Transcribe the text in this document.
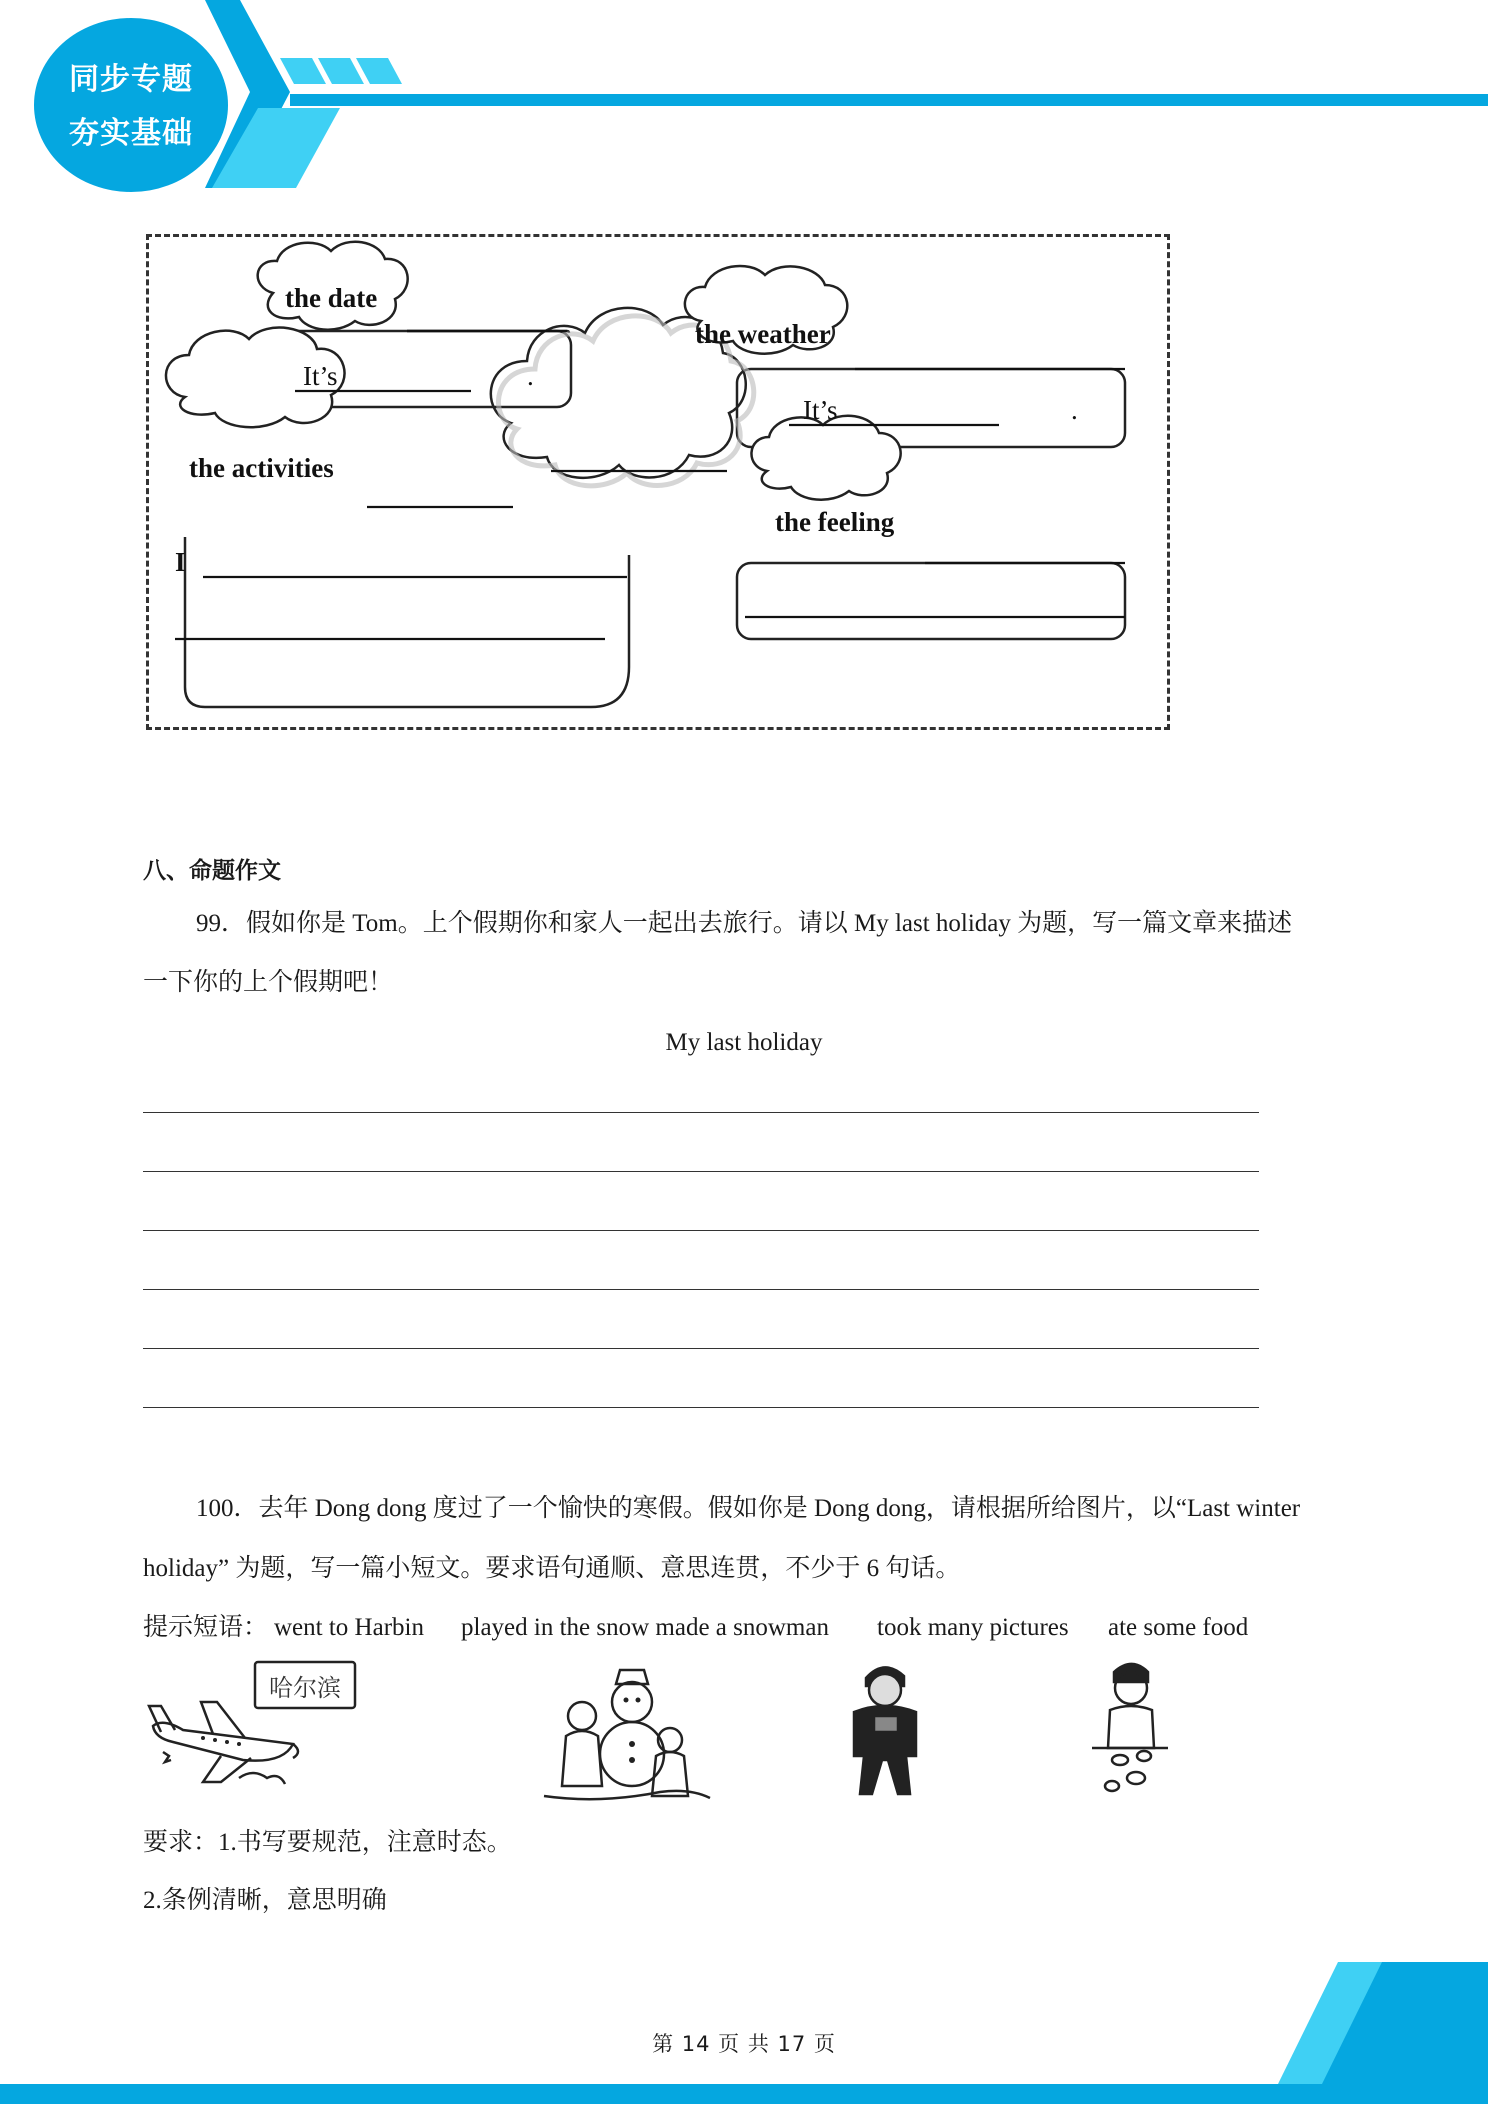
同步专题
夯实基础
the date
It’s	.
the weather
It’s	.
the activities
I
the feeling
八、命题作文
99．假如你是 Tom。上个假期你和家人一起出去旅行。请以 My last holiday 为题，写一篇文章来描述
一下你的上个假期吧！
My last holiday
100．去年 Dong dong 度过了一个愉快的寒假。假如你是 Dong dong，请根据所给图片，以“Last winter
holiday” 为题，写一篇小短文。要求语句通顺、意思连贯，不少于 6 句话。
提示短语： went to Harbin played in the snow made a snowman took many pictures ate some food
哈尔滨
要求：1.书写要规范，注意时态。
2.条例清晰，意思明确
第 14 页 共 17 页
